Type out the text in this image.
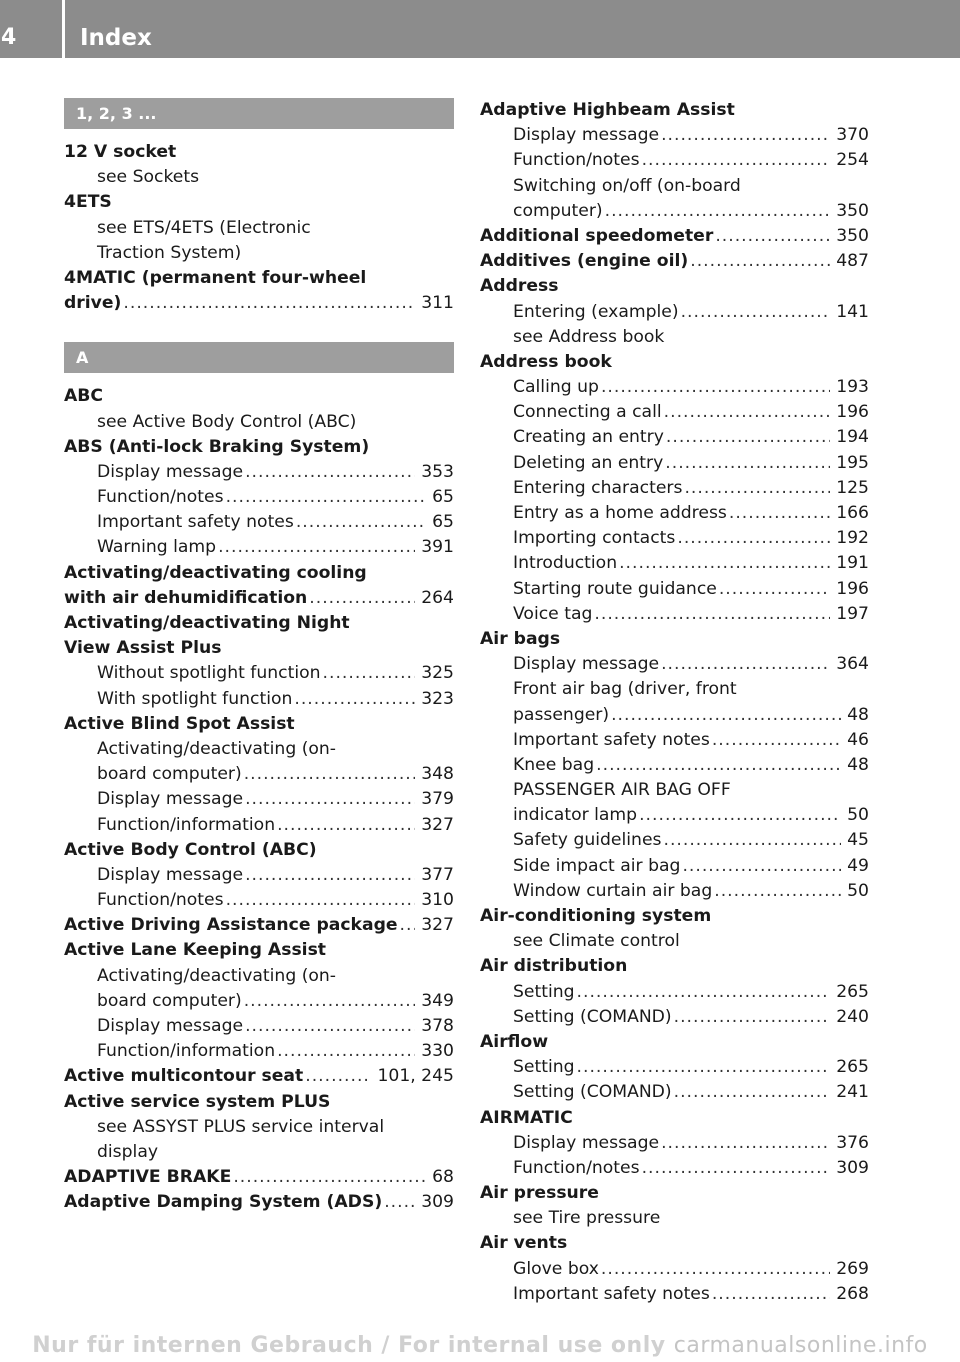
4	Index
1, 2, 3 ...
12 V socket
see Sockets
4ETS
see ETS/4ETS (Electronic
Traction System)
4MATIC (permanent four-wheel
drive) .....	311
A
ABC
see Active Body Control (ABC)
ABS (Anti-lock Braking System)
Display message .....	353
Function/notes .....	65
Important safety notes .....	65
Warning lamp .....	391
Activating/deactivating cooling
with air dehumidification .....	264
Activating/deactivating Night
View Assist Plus
Without spotlight function .....	325
With spotlight function .....	323
Active Blind Spot Assist
Activating/deactivating (on-
board computer) .....	348
Display message .....	379
Function/information .....	327
Active Body Control (ABC)
Display message .....	377
Function/notes .....	310
Active Driving Assistance package ..... 327
Active Lane Keeping Assist
Activating/deactivating (on-
board computer) .....	349
Display message .....	378
Function/information .....	330
Active multicontour seat .....	101, 245
Active service system PLUS
see ASSYST PLUS service interval
display
ADAPTIVE BRAKE .....	68
Adaptive Damping System (ADS) ..... 309
Adaptive Highbeam Assist
Display message .....	370
Function/notes .....	254
Switching on/off (on-board
computer) .....	350
Additional speedometer .....	350
Additives (engine oil) .....	487
Address
Entering (example) .....	141
see Address book
Address book
Calling up .....	193
Connecting a call .....	196
Creating an entry .....	194
Deleting an entry .....	195
Entering characters .....	125
Entry as a home address .....	166
Importing contacts .....	192
Introduction .....	191
Starting route guidance .....	196
Voice tag .....	197
Air bags
Display message .....	364
Front air bag (driver, front
passenger) .....	48
Important safety notes .....	46
Knee bag .....	48
PASSENGER AIR BAG OFF
indicator lamp .....	50
Safety guidelines .....	45
Side impact air bag .....	49
Window curtain air bag .....	50
Air-conditioning system
see Climate control
Air distribution
Setting .....	265
Setting (COMAND) .....	240
Airflow
Setting .....	265
Setting (COMAND) .....	241
AIRMATIC
Display message .....	376
Function/notes .....	309
Air pressure
see Tire pressure
Air vents
Glove box .....	269
Important safety notes .....	268
Nur für internen Gebrauch / For internal use only carmanualsonline.info
